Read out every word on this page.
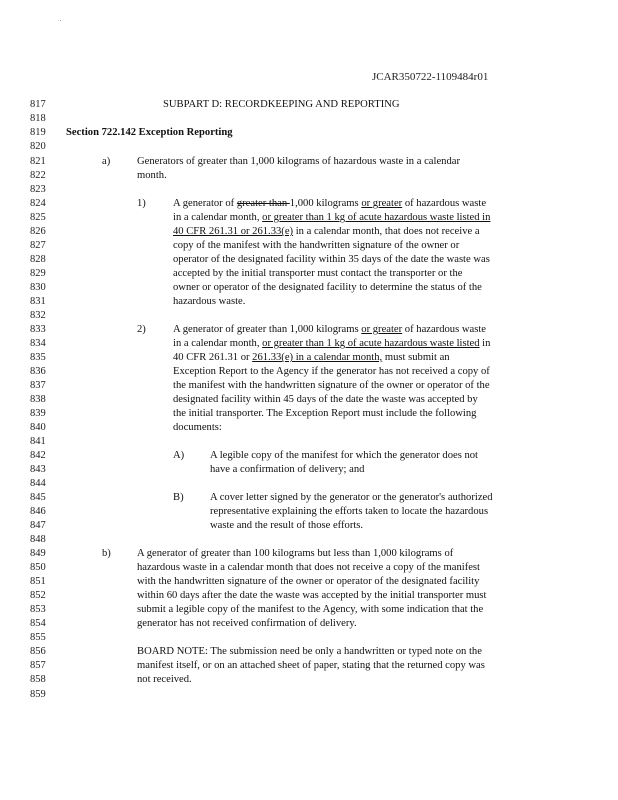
JCAR350722-1109484r01
817	SUBPART D: RECORDKEEPING AND REPORTING
818
819 Section 722.142 Exception Reporting
820
821	a)	Generators of greater than 1,000 kilograms of hazardous waste in a calendar
822	month.
823
824	1)	A generator of greater than 1,000 kilograms or greater of hazardous waste
825	in a calendar month, or greater than 1 kg of acute hazardous waste listed in
826	40 CFR 261.31 or 261.33(e) in a calendar month, that does not receive a
827	copy of the manifest with the handwritten signature of the owner or
828	operator of the designated facility within 35 days of the date the waste was
829	accepted by the initial transporter must contact the transporter or the
830	owner or operator of the designated facility to determine the status of the
831	hazardous waste.
832
833	2)	A generator of greater than 1,000 kilograms or greater of hazardous waste
834	in a calendar month, or greater than 1 kg of acute hazardous waste listed in
835	40 CFR 261.31 or 261.33(e) in a calendar month, must submit an
836	Exception Report to the Agency if the generator has not received a copy of
837	the manifest with the handwritten signature of the owner or operator of the
838	designated facility within 45 days of the date the waste was accepted by
839	the initial transporter. The Exception Report must include the following
840	documents:
841
842	A) A legible copy of the manifest for which the generator does not
843	have a confirmation of delivery; and
844
845	B) A cover letter signed by the generator or the generator's authorized
846	representative explaining the efforts taken to locate the hazardous
847	waste and the result of those efforts.
848
849	b) A generator of greater than 100 kilograms but less than 1,000 kilograms of
850	hazardous waste in a calendar month that does not receive a copy of the manifest
851	with the handwritten signature of the owner or operator of the designated facility
852	within 60 days after the date the waste was accepted by the initial transporter must
853	submit a legible copy of the manifest to the Agency, with some indication that the
854	generator has not received confirmation of delivery.
855
856	BOARD NOTE: The submission need be only a handwritten or typed note on the
857	manifest itself, or on an attached sheet of paper, stating that the returned copy was
858	not received.
859
